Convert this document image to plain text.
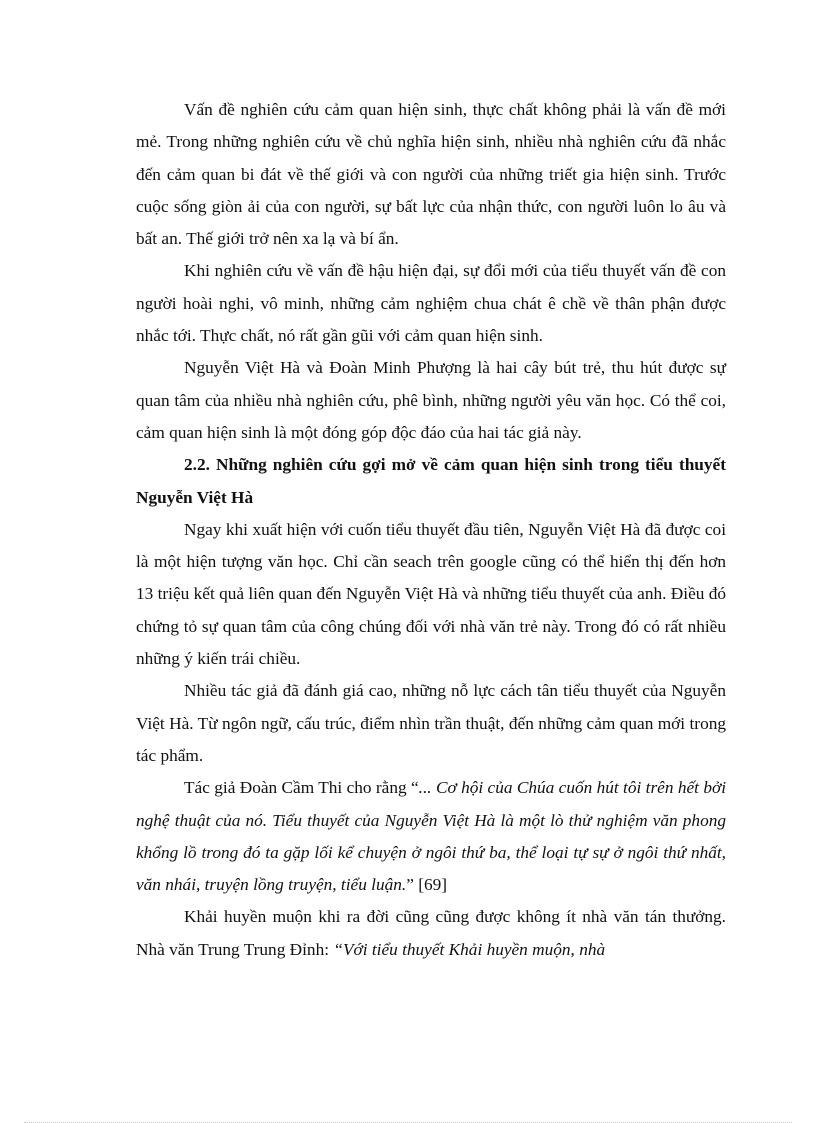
Vấn đề nghiên cứu cảm quan hiện sinh, thực chất không phải là vấn đề mới mẻ. Trong những nghiên cứu về chủ nghĩa hiện sinh, nhiều nhà nghiên cứu đã nhắc đến cảm quan bi đát về thế giới và con người của những triết gia hiện sinh. Trước cuộc sống giòn ải của con người, sự bất lực của nhận thức, con người luôn lo âu và bất an. Thế giới trở nên xa lạ và bí ẩn.

Khi nghiên cứu về vấn đề hậu hiện đại, sự đổi mới của tiểu thuyết vấn đề con người hoài nghi, vô minh, những cảm nghiệm chua chát ê chề về thân phận được nhắc tới. Thực chất, nó rất gần gũi với cảm quan hiện sinh.

Nguyễn Việt Hà và Đoàn Minh Phượng là hai cây bút trẻ, thu hút được sự quan tâm của nhiều nhà nghiên cứu, phê bình, những người yêu văn học. Có thể coi, cảm quan hiện sinh là một đóng góp độc đáo của hai tác giả này.

2.2. Những nghiên cứu gợi mở về cảm quan hiện sinh trong tiểu thuyết Nguyễn Việt Hà

Ngay khi xuất hiện với cuốn tiểu thuyết đầu tiên, Nguyễn Việt Hà đã được coi là một hiện tượng văn học. Chỉ cần seach trên google cũng có thể hiển thị đến hơn 13 triệu kết quả liên quan đến Nguyễn Việt Hà và những tiểu thuyết của anh. Điều đó chứng tỏ sự quan tâm của công chúng đối với nhà văn trẻ này. Trong đó có rất nhiều những ý kiến trái chiều.

Nhiều tác giả đã đánh giá cao, những nỗ lực cách tân tiểu thuyết của Nguyễn Việt Hà. Từ ngôn ngữ, cấu trúc, điểm nhìn trần thuật, đến những cảm quan mới trong tác phẩm.

Tác giả Đoàn Cầm Thi cho rằng “... Cơ hội của Chúa cuốn hút tôi trên hết bởi nghệ thuật của nó. Tiểu thuyết của Nguyễn Việt Hà là một lò thử nghiệm văn phong khổng lồ trong đó ta gặp lối kể chuyện ở ngôi thứ ba, thể loại tự sự ở ngôi thứ nhất, văn nhái, truyện lồng truyện, tiểu luận.” [69]

Khải huyền muộn khi ra đời cũng cũng được không ít nhà văn tán thưởng. Nhà văn Trung Trung Đỉnh: “Với tiểu thuyết Khải huyền muộn, nhà
